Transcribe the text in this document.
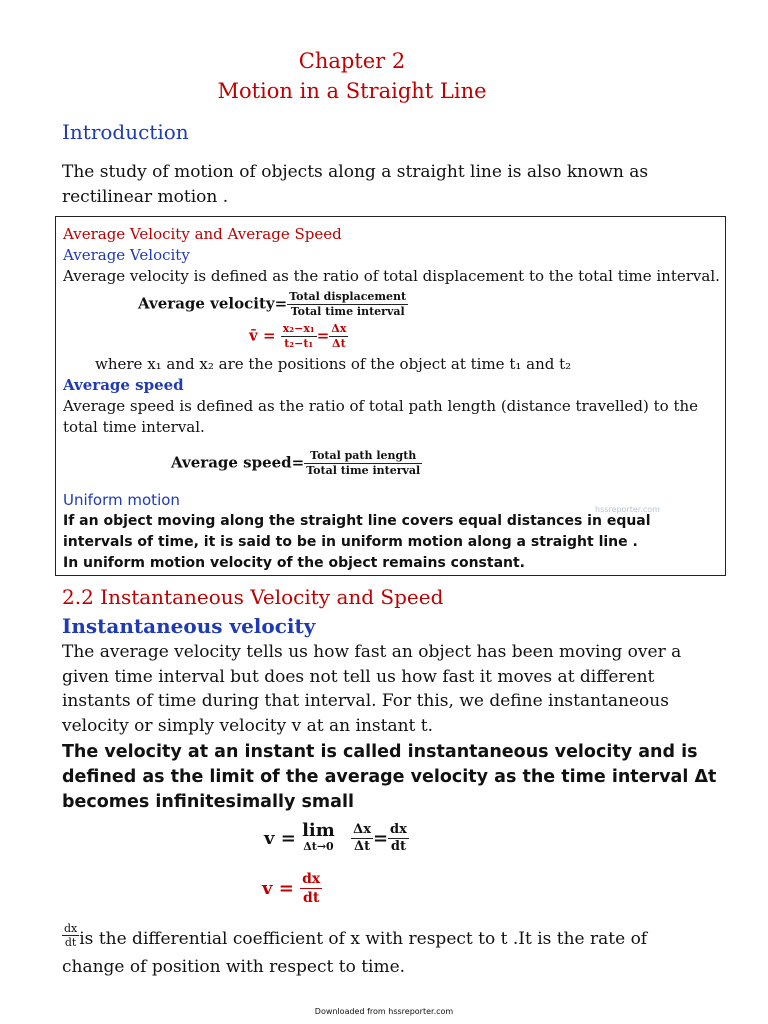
Chapter 2
Motion in a Straight Line
Introduction
The study of motion of objects along a straight line is also known as rectilinear motion .
Average Velocity and Average Speed
Average Velocity
Average velocity is defined as the ratio of total displacement to the total time interval.
Average velocity= $\frac{\text{Total displacement}}{\text{Total time interval}}$
v̄ = $\frac{\text{x₂−x₁}}{\text{t₂−t₁}} = \frac{\Delta x}{\Delta t}$
where x₁ and x₂ are the positions of the object at time t₁ and t₂
Average speed
Average speed is defined as the ratio of total path length (distance travelled) to the total time interval.
Average speed= $\frac{\text{Total path length}}{\text{Total time interval}}$
Uniform motion
If an object moving along the straight line covers equal distances in equal intervals of time, it is said to be in uniform motion along a straight line .
In uniform motion velocity of the object remains constant.
hssreporter.com
2.2 Instantaneous Velocity and Speed
Instantaneous velocity
The average velocity tells us how fast an object has been moving over a given time interval but does not tell us how fast it moves at different instants of time during that interval. For this, we define instantaneous velocity or simply velocity v at an instant t.
The velocity at an instant is called instantaneous velocity and is defined as the limit of the average velocity as the time interval Δt becomes infinitesimally small
v = lim
Δt→0
$\frac{\Delta x}{\Delta t} = \frac{dx}{dt}$
$v = \frac{dx}{dt}$
$\frac{dx}{dt}$ is the differential coefficient of x with respect to t .It is the rate of change of position with respect to time.
Downloaded from hssreporter.com
